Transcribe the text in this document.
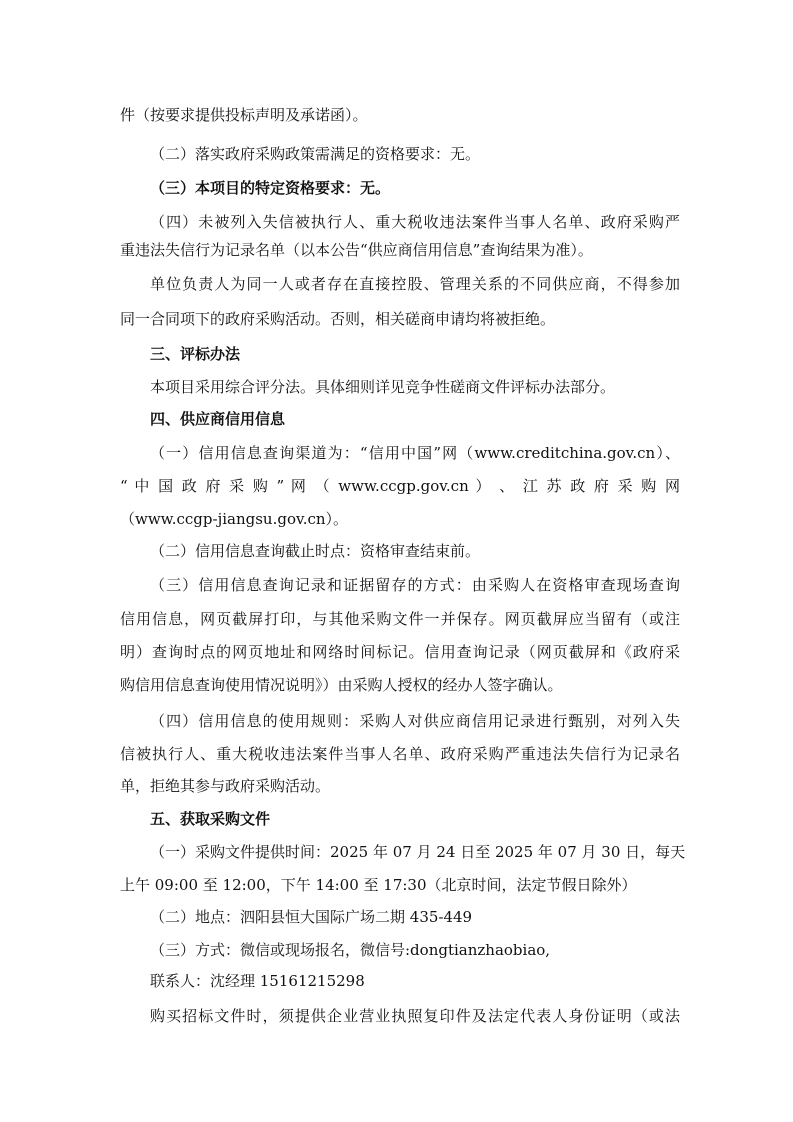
件（按要求提供投标声明及承诺函）。
（二）落实政府采购政策需满足的资格要求：无。
（三）本项目的特定资格要求：无。
（四）未被列入失信被执行人、重大税收违法案件当事人名单、政府采购严
重违法失信行为记录名单（以本公告“供应商信用信息”查询结果为准）。
单位负责人为同一人或者存在直接控股、管理关系的不同供应商，不得参加
同一合同项下的政府采购活动。否则，相关磋商申请均将被拒绝。
三、评标办法
本项目采用综合评分法。具体细则详见竞争性磋商文件评标办法部分。
四、供应商信用信息
（一）信用信息查询渠道为：“信用中国”网（www.creditchina.gov.cn）、
“ 中 国 政 府 采 购 ” 网 （ www.ccgp.gov.cn ） 、 江 苏 政 府 采 购 网
（www.ccgp-jiangsu.gov.cn）。
（二）信用信息查询截止时点：资格审查结束前。
（三）信用信息查询记录和证据留存的方式：由采购人在资格审查现场查询
信用信息，网页截屏打印，与其他采购文件一并保存。网页截屏应当留有（或注
明）查询时点的网页地址和网络时间标记。信用查询记录（网页截屏和《政府采
购信用信息查询使用情况说明》）由采购人授权的经办人签字确认。
（四）信用信息的使用规则：采购人对供应商信用记录进行甄别，对列入失
信被执行人、重大税收违法案件当事人名单、政府采购严重违法失信行为记录名
单，拒绝其参与政府采购活动。
五、获取采购文件
（一）采购文件提供时间：2025 年 07 月 24 日至 2025 年 07 月 30 日，每天
上午 09:00 至 12:00，下午 14:00 至 17:30（北京时间，法定节假日除外）
（二）地点：泗阳县恒大国际广场二期 435-449
（三）方式：微信或现场报名，微信号:dongtianzhaobiao,
联系人：沈经理 15161215298
购买招标文件时，须提供企业营业执照复印件及法定代表人身份证明（或法
